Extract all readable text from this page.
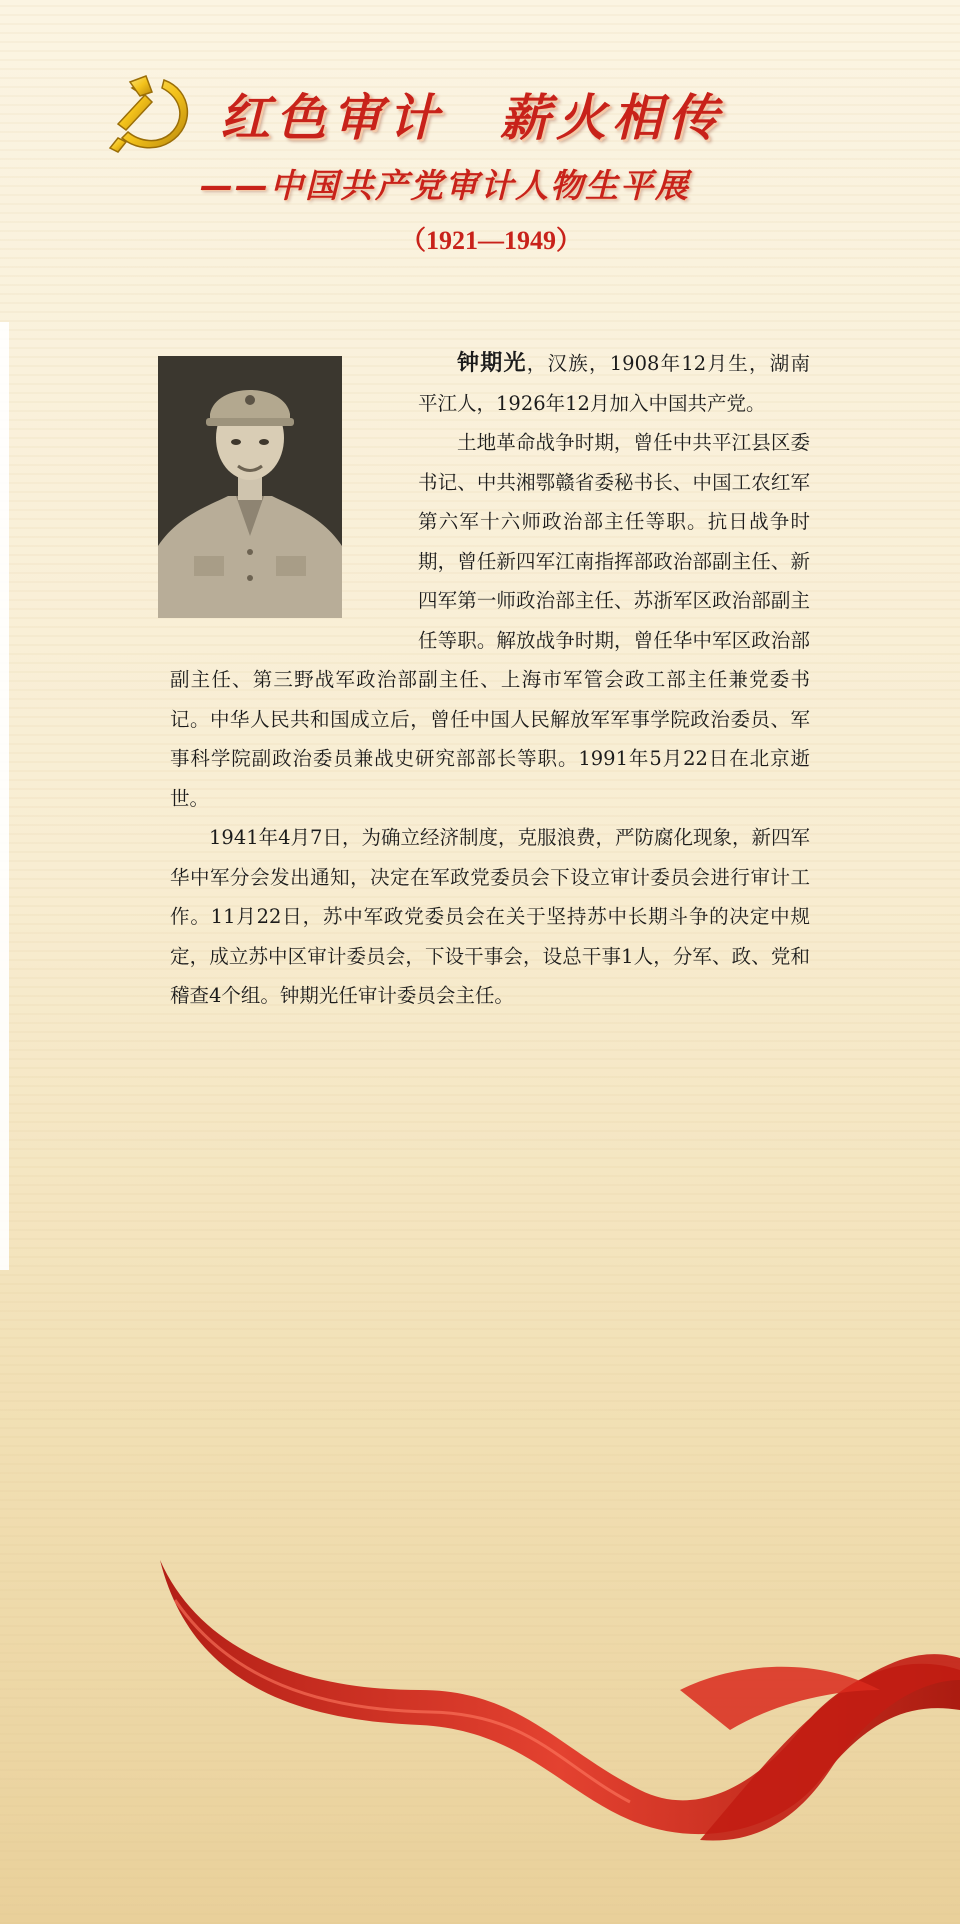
红色审计　薪火相传
——中国共产党审计人物生平展
（1921—1949）

钟期光，汉族，1908年12月生，湖南平江人，1926年12月加入中国共产党。

土地革命战争时期，曾任中共平江县区委书记、中共湘鄂赣省委秘书长、中国工农红军第六军十六师政治部主任等职。抗日战争时期，曾任新四军江南指挥部政治部副主任、新四军第一师政治部主任、苏浙军区政治部副主任等职。解放战争时期，曾任华中军区政治部副主任、第三野战军政治部副主任、上海市军管会政工部主任兼党委书记。中华人民共和国成立后，曾任中国人民解放军军事学院政治委员、军事科学院副政治委员兼战史研究部部长等职。1991年5月22日在北京逝世。

1941年4月7日，为确立经济制度，克服浪费，严防腐化现象，新四军华中军分会发出通知，决定在军政党委员会下设立审计委员会进行审计工作。11月22日，苏中军政党委员会在关于坚持苏中长期斗争的决定中规定，成立苏中区审计委员会，下设干事会，设总干事1人，分军、政、党和稽查4个组。钟期光任审计委员会主任。
